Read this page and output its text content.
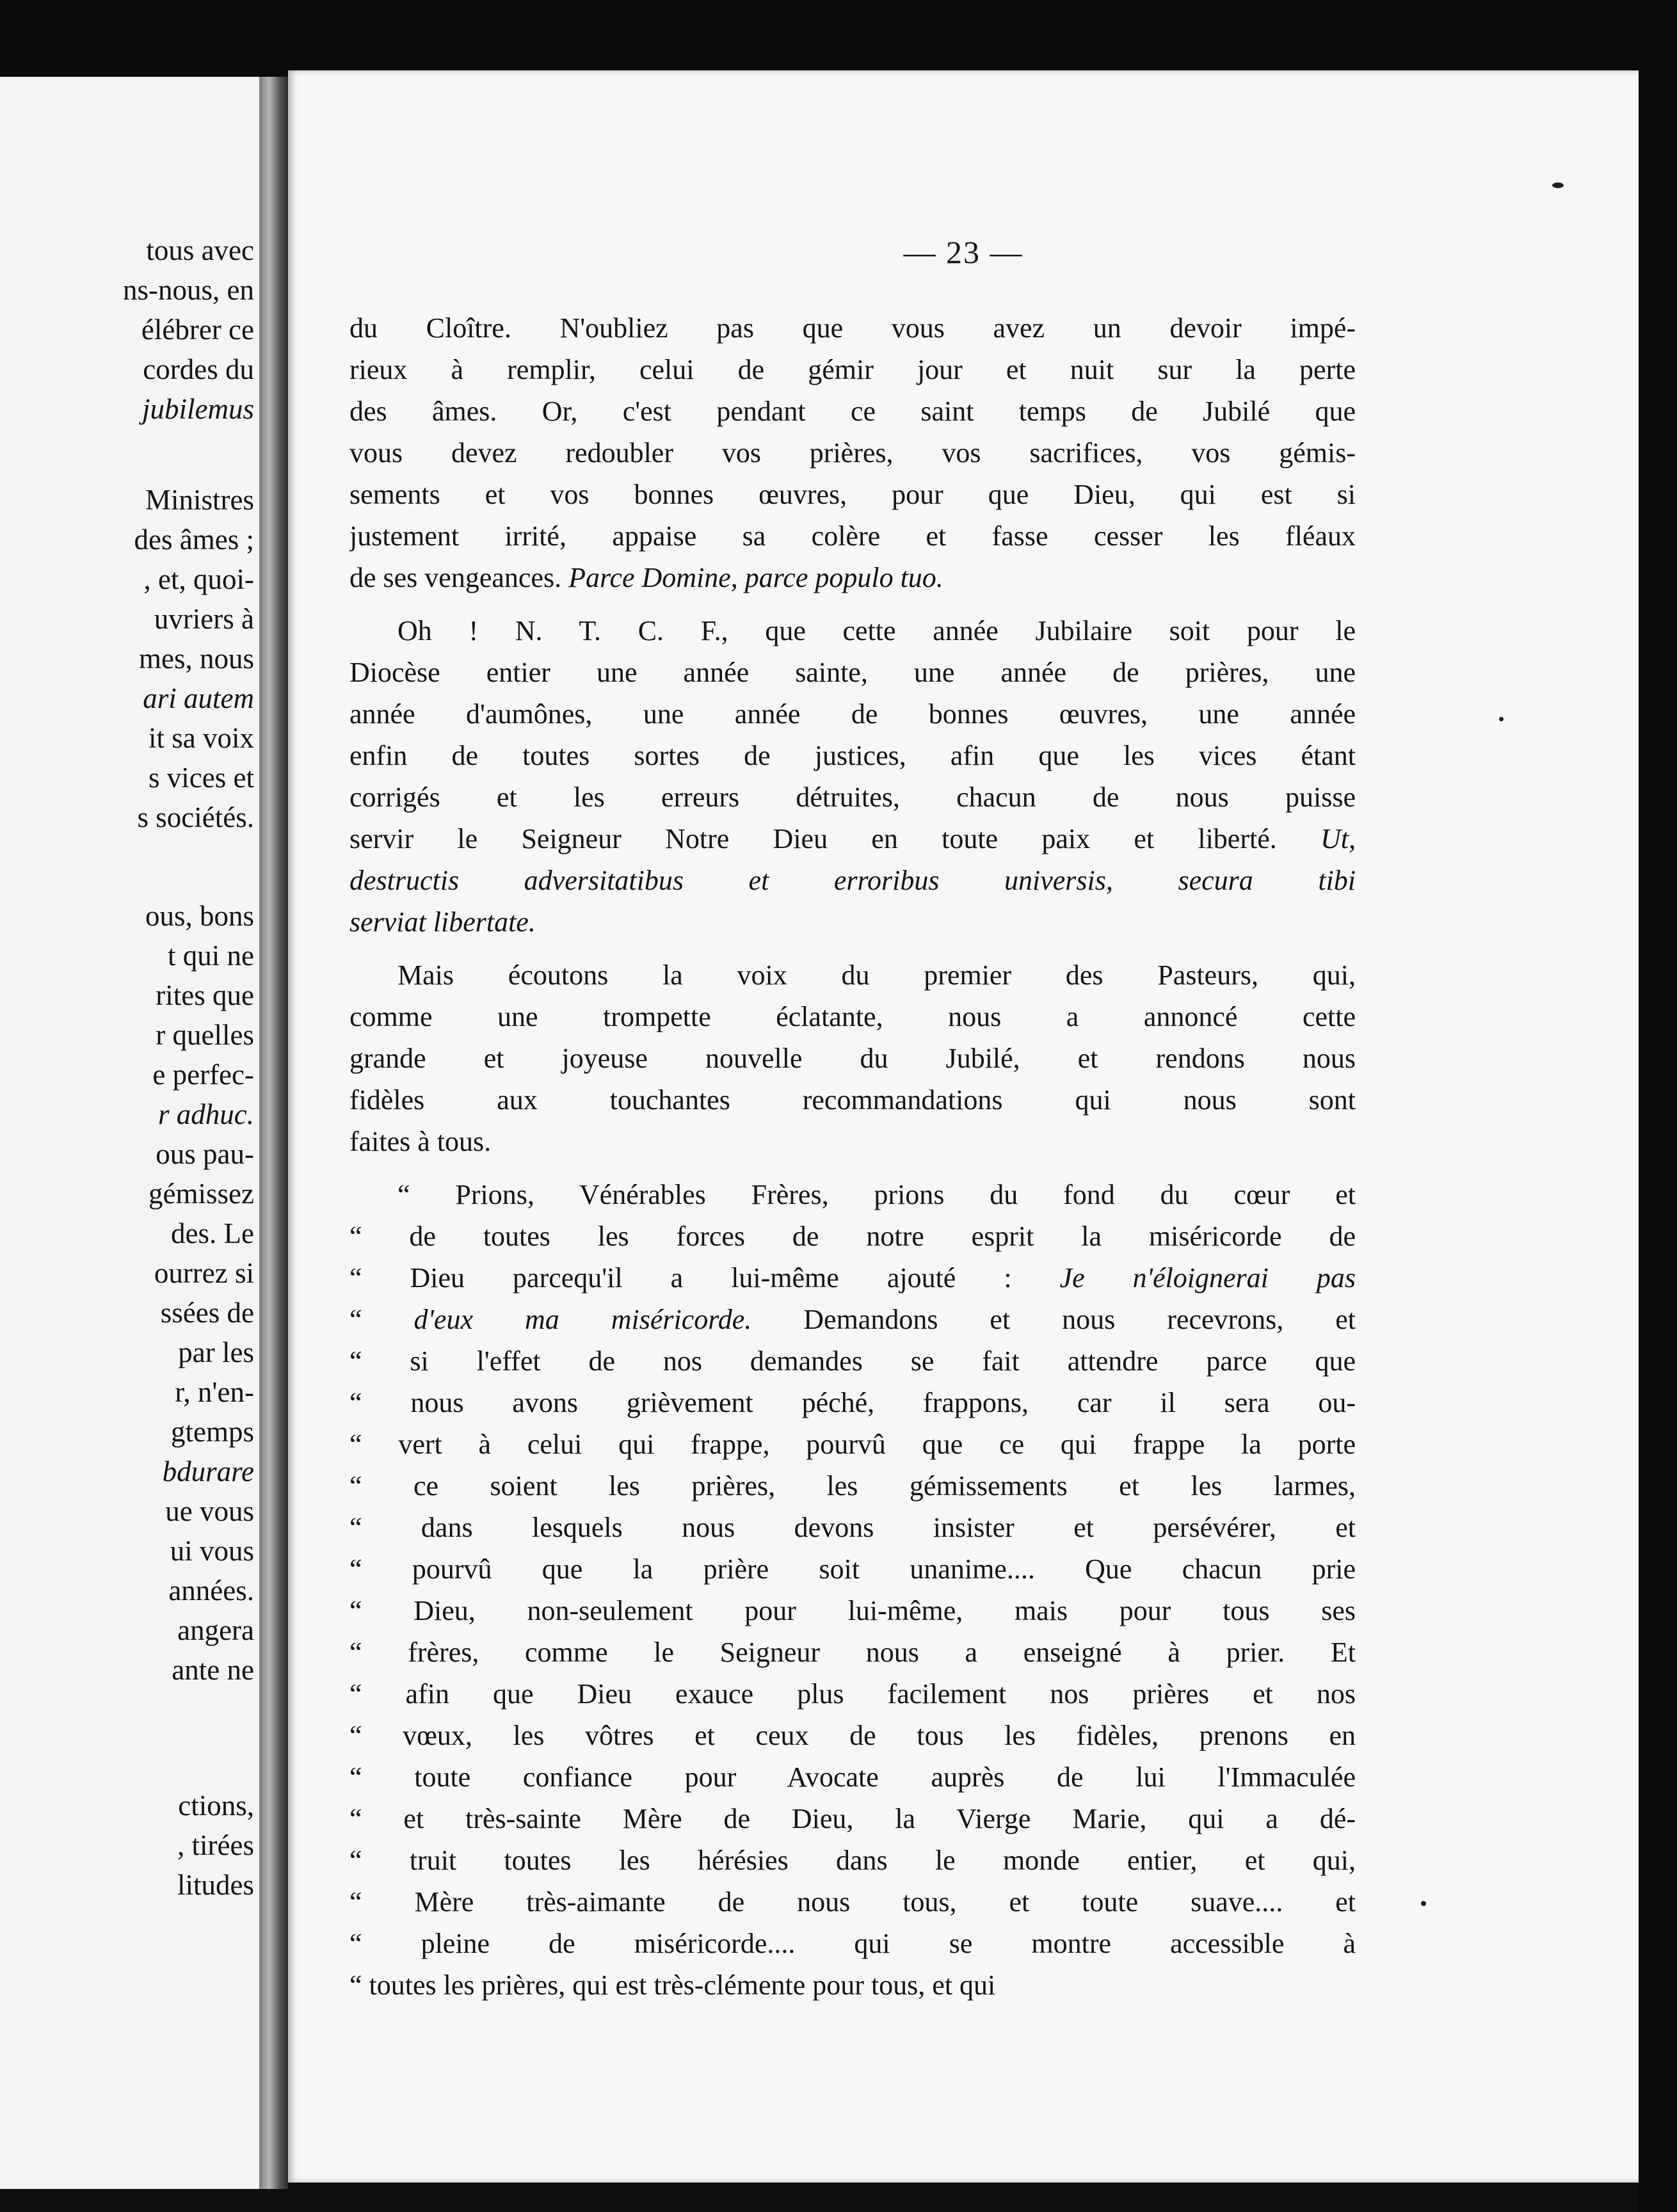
tous avec
ns-nous, en
élébrer ce
cordes du
jubilemus
Ministres
des âmes ;
, et, quoi-
uvriers à
mes, nous
ari autem
it sa voix
s vices et
s sociétés.
ous, bons
t qui ne
rites que
r quelles
e perfec-
r adhuc.
ous pau-
gémissez
des. Le
ourrez si
ssées de
par les
r, n'en-
gtemps
bdurare
ue vous
ui vous
années.
angera
ante ne
ctions,
, tirées
litudes
— 23 —
du Cloître. N'oubliez pas que vous avez un devoir impé-
rieux à remplir, celui de gémir jour et nuit sur la perte
des âmes. Or, c'est pendant ce saint temps de Jubilé que
vous devez redoubler vos prières, vos sacrifices, vos gémis-
sements et vos bonnes œuvres, pour que Dieu, qui est si
justement irrité, appaise sa colère et fasse cesser les fléaux
de ses vengeances. Parce Domine, parce populo tuo.
Oh ! N. T. C. F., que cette année Jubilaire soit pour le
Diocèse entier une année sainte, une année de prières, une
année d'aumônes, une année de bonnes œuvres, une année
enfin de toutes sortes de justices, afin que les vices étant
corrigés et les erreurs détruites, chacun de nous puisse
servir le Seigneur Notre Dieu en toute paix et liberté. Ut,
destructis adversitatibus et erroribus universis, secura tibi
serviat libertate.
Mais écoutons la voix du premier des Pasteurs, qui,
comme une trompette éclatante, nous a annoncé cette
grande et joyeuse nouvelle du Jubilé, et rendons nous
fidèles aux touchantes recommandations qui nous sont
faites à tous.
“ Prions, Vénérables Frères, prions du fond du cœur et
“ de toutes les forces de notre esprit la miséricorde de
“ Dieu parcequ'il a lui-même ajouté : Je n'éloignerai pas
“ d'eux ma miséricorde. Demandons et nous recevrons, et
“ si l'effet de nos demandes se fait attendre parce que
“ nous avons grièvement péché, frappons, car il sera ou-
“ vert à celui qui frappe, pourvû que ce qui frappe la porte
“ ce soient les prières, les gémissements et les larmes,
“ dans lesquels nous devons insister et persévérer, et
“ pourvû que la prière soit unanime.... Que chacun prie
“ Dieu, non-seulement pour lui-même, mais pour tous ses
“ frères, comme le Seigneur nous a enseigné à prier. Et
“ afin que Dieu exauce plus facilement nos prières et nos
“ vœux, les vôtres et ceux de tous les fidèles, prenons en
“ toute confiance pour Avocate auprès de lui l'Immaculée
“ et très-sainte Mère de Dieu, la Vierge Marie, qui a dé-
“ truit toutes les hérésies dans le monde entier, et qui,
“ Mère très-aimante de nous tous, et toute suave.... et
“ pleine de miséricorde.... qui se montre accessible à
“ toutes les prières, qui est très-clémente pour tous, et qui
